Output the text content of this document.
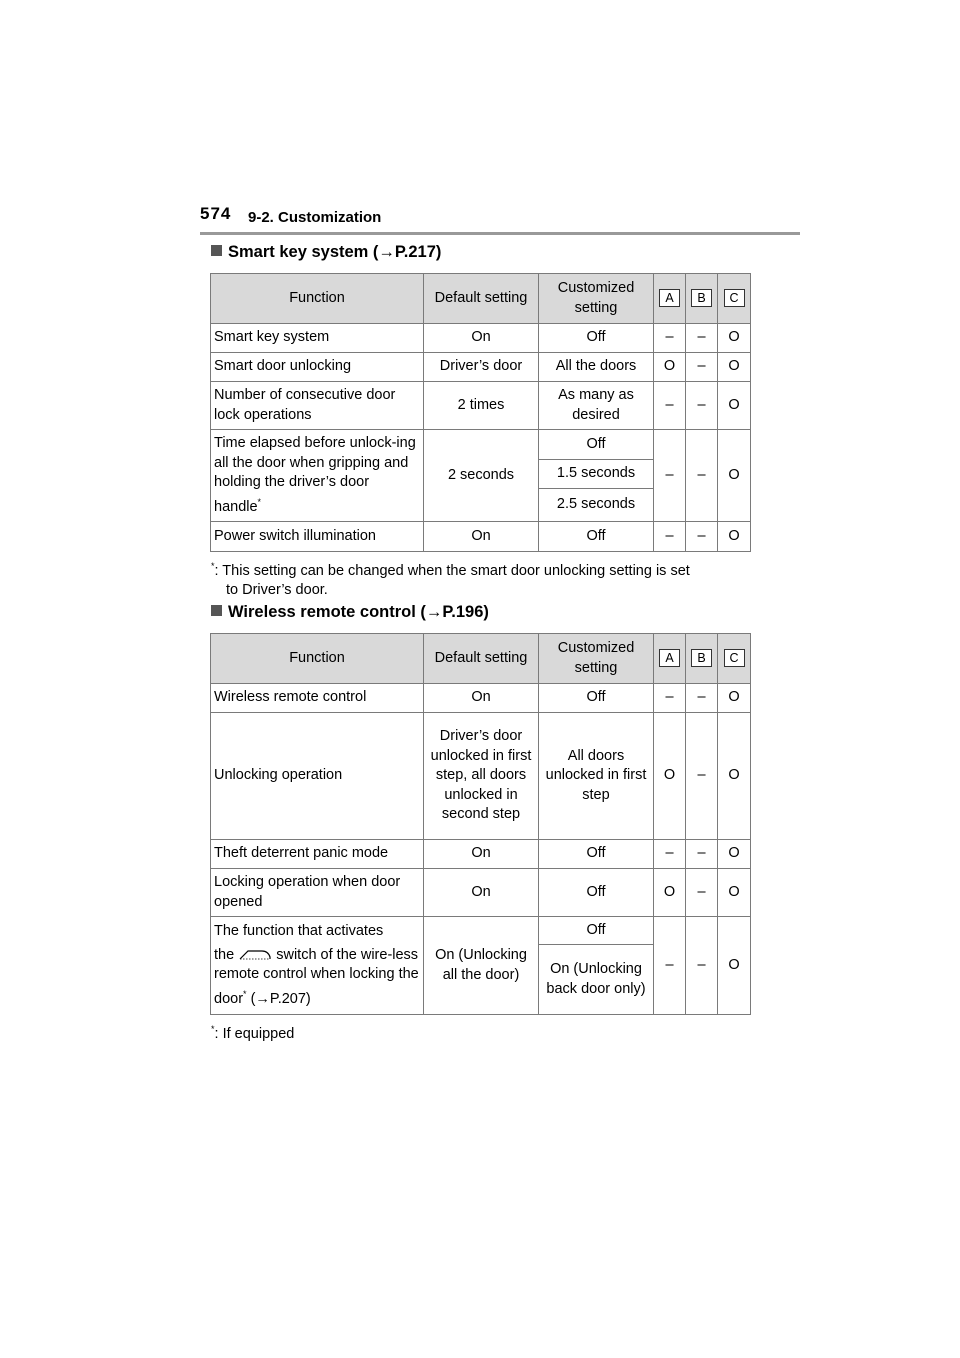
574 9-2. Customization
Smart key system (→P.217)
Function	Default setting	Customized setting	A	B	C
Smart key system	On	Off	–	–	O
Smart door unlocking	Driver’s door	All the doors	O	–	O
Number of consecutive door lock operations	2 times	As many as desired	–	–	O
Time elapsed before unlock-ing all the door when gripping and holding the driver’s door handle*	2 seconds	Off	–	–	O
		1.5 seconds			
		2.5 seconds			
Power switch illumination	On	Off	–	–	O
*: This setting can be changed when the smart door unlocking setting is set
to Driver’s door.
Wireless remote control (→P.196)
Function	Default setting	Customized setting	A	B	C
Wireless remote control	On	Off	–	–	O
Unlocking operation	Driver’s door unlocked in first step, all doors unlocked in second step	All doors unlocked in first step	O	–	O
Theft deterrent panic mode	On	Off	–	–	O
Locking operation when door opened	On	Off	O	–	O

The function that activates
the switch of the wire-less remote control when locking the door* (→P.207)	On (Unlocking all the door)	Off	–	–	O
		On (Unlocking back door only)			
*: If equipped
